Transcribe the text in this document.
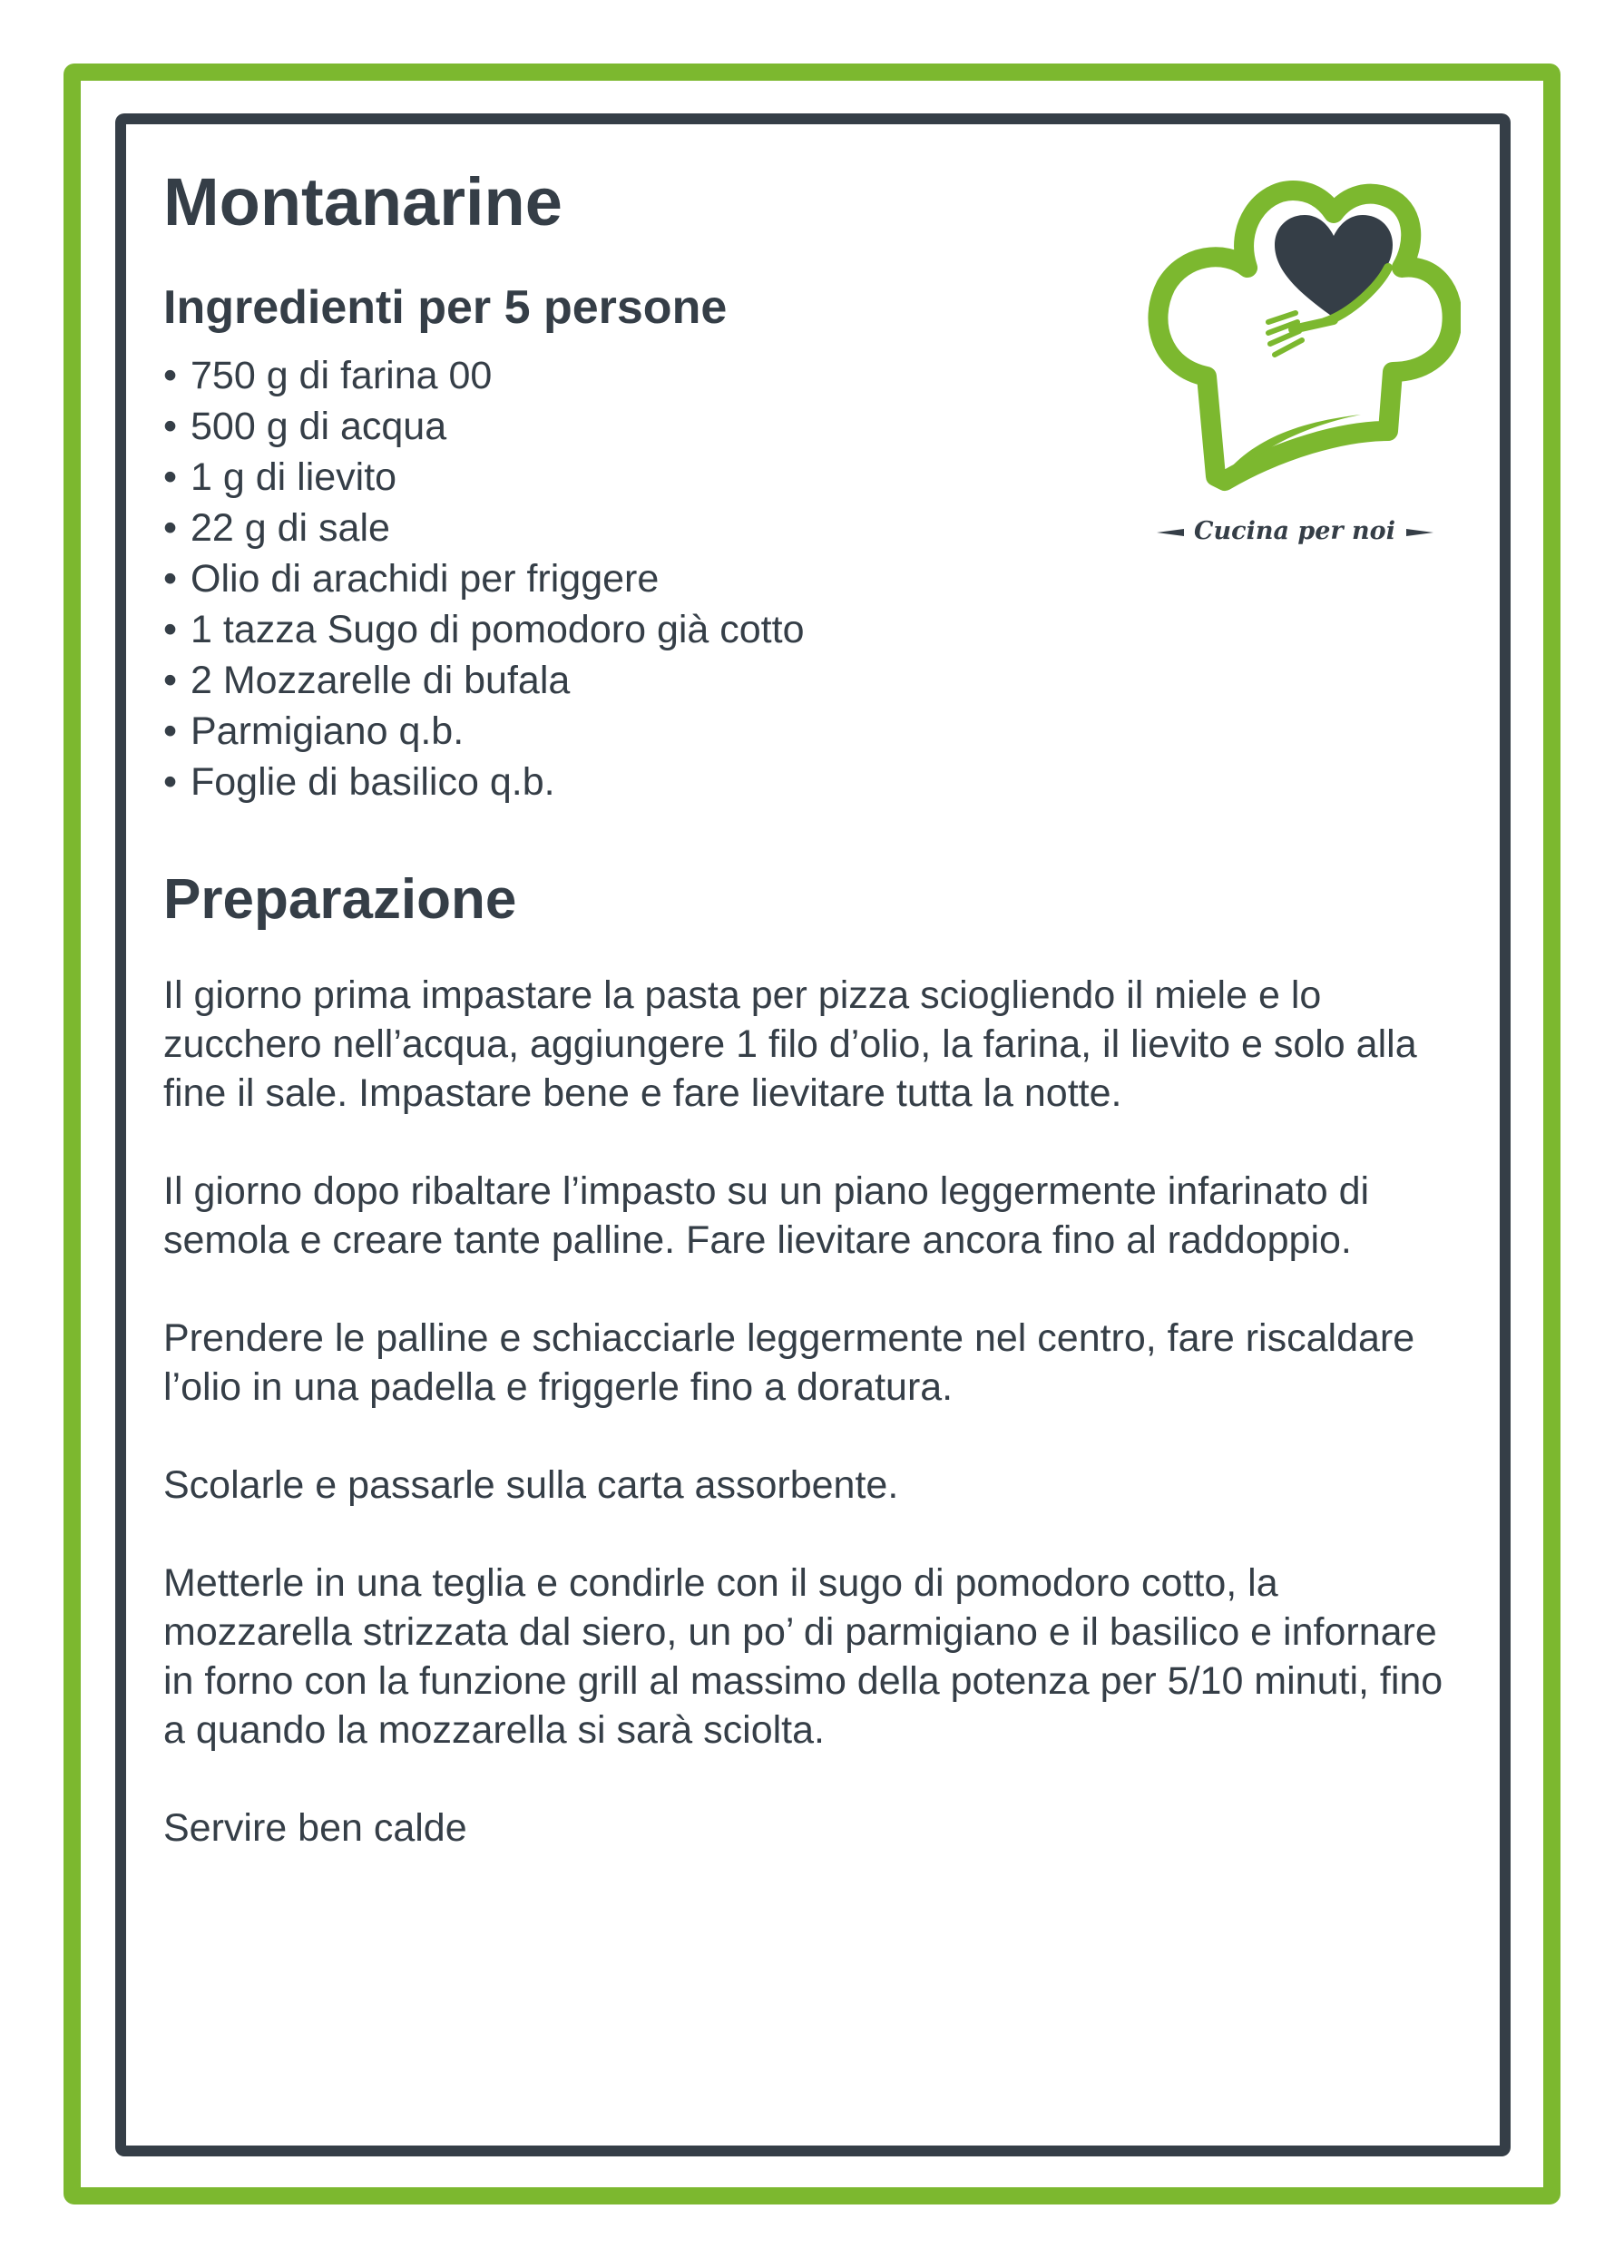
Montanarine
Ingredienti per 5 persone
• 750 g di farina 00
• 500 g di acqua
• 1 g di lievito
• 22 g di sale
• Olio di arachidi per friggere
• 1 tazza Sugo di pomodoro già cotto
• 2 Mozzarelle di bufala
• Parmigiano q.b.
• Foglie di basilico q.b.
Preparazione

Il giorno prima impastare la pasta per pizza sciogliendo il miele e lo zucchero nell’acqua, aggiungere 1 filo d’olio, la farina, il lievito e solo alla fine il sale. Impastare bene e fare lievitare tutta la notte.

Il giorno dopo ribaltare l’impasto su un piano leggermente infarinato di semola e creare tante palline. Fare lievitare ancora fino al raddoppio.

Prendere le palline e schiacciarle leggermente nel centro, fare riscaldare l’olio in una padella e friggerle fino a doratura.

Scolarle e passarle sulla carta assorbente.

Metterle in una teglia e condirle con il sugo di pomodoro cotto, la mozzarella strizzata dal siero, un po’ di parmigiano e il basilico e infornare in forno con la funzione grill al massimo della potenza per 5/10 minuti, fino a quando la mozzarella si sarà sciolta.

Servire ben calde

Cucina per noi
